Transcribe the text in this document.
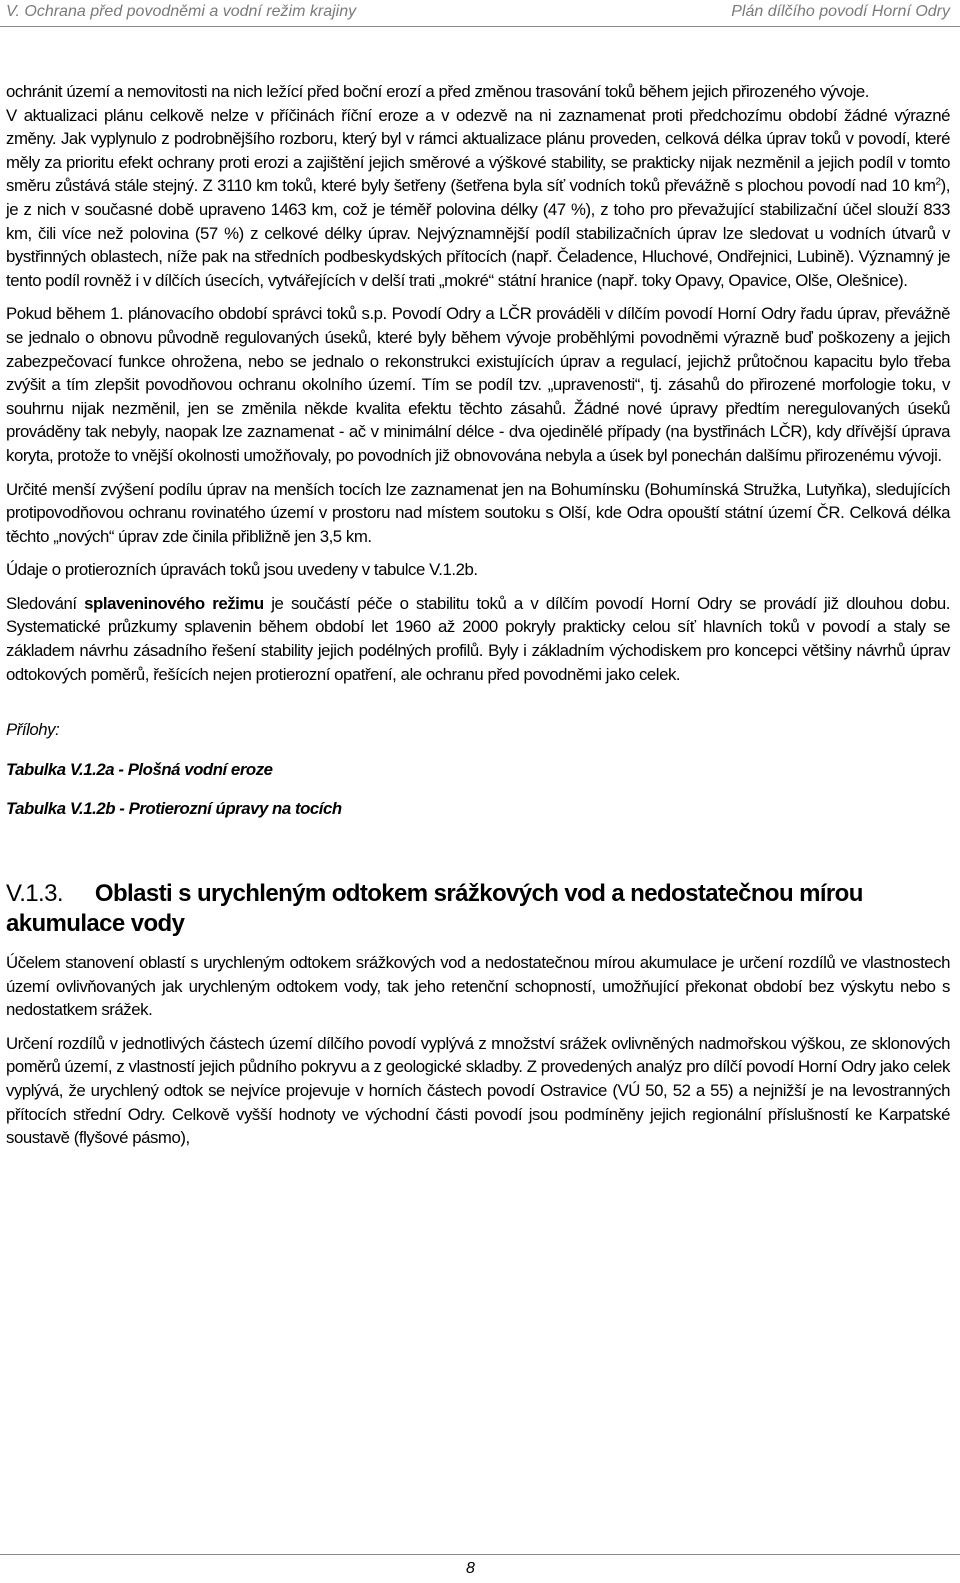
V. Ochrana před povodněmi a vodní režim krajiny	Plán dílčího povodí Horní Odry

ochránit území a nemovitosti na nich ležící před boční erozí a před změnou trasování toků během jejich přirozeného vývoje.

V aktualizaci plánu celkově nelze v příčinách říční eroze a v odezvě na ni zaznamenat proti předchozímu období žádné výrazné změny. Jak vyplynulo z podrobnějšího rozboru, který byl v rámci aktualizace plánu proveden, celková délka úprav toků v povodí, které měly za prioritu efekt ochrany proti erozi a zajištění jejich směrové a výškové stability, se prakticky nijak nezměnil a jejich podíl v tomto směru zůstává stále stejný. Z 3110 km toků, které byly šetřeny (šetřena byla síť vodních toků převážně s plochou povodí nad 10 $km^2$), je z nich v současné době upraveno 1463 km, což je téměř polovina délky (47 %), z toho pro převažující stabilizační účel slouží 833 km, čili více než polovina (57 %) z celkové délky úprav. Nejvýznamnější podíl stabilizačních úprav lze sledovat u vodních útvarů v bystřinných oblastech, níže pak na středních podbeskydských přítocích (např. Čeladence, Hluchové, Ondřejnici, Lubině). Významný je tento podíl rovněž i v dílčích úsecích, vytvářejících v delší trati „mokré“ státní hranice (např. toky Opavy, Opavice, Olše, Olešnice).

Pokud během 1. plánovacího období správci toků s.p. Povodí Odry a LČR prováděli v dílčím povodí Horní Odry řadu úprav, převážně se jednalo o obnovu původně regulovaných úseků, které byly během vývoje proběhlými povodněmi výrazně buď poškozeny a jejich zabezpečovací funkce ohrožena, nebo se jednalo o rekonstrukci existujících úprav a regulací, jejichž průtočnou kapacitu bylo třeba zvýšit a tím zlepšit povodňovou ochranu okolního území. Tím se podíl tzv. „upravenosti“, tj. zásahů do přirozené morfologie toku, v souhrnu nijak nezměnil, jen se změnila někde kvalita efektu těchto zásahů. Žádné nové úpravy předtím neregulovaných úseků prováděny tak nebyly, naopak lze zaznamenat - ač v minimální délce - dva ojedinělé případy (na bystřinách LČR), kdy dřívější úprava koryta, protože to vnější okolnosti umožňovaly, po povodních již obnovována nebyla a úsek byl ponechán dalšímu přirozenému vývoji.

Určité menší zvýšení podílu úprav na menších tocích lze zaznamenat jen na Bohumínsku (Bohumínská Stružka, Lutyňka), sledujících protipovodňovou ochranu rovinatého území v prostoru nad místem soutoku s Olší, kde Odra opouští státní území ČR. Celková délka těchto „nových“ úprav zde činila přibližně jen 3,5 km.

Údaje o protierozních úpravách toků jsou uvedeny v tabulce V.1.2b.

Sledování splaveninového režimu je součástí péče o stabilitu toků a v dílčím povodí Horní Odry se provádí již dlouhou dobu. Systematické průzkumy splavenin během období let 1960 až 2000 pokryly prakticky celou síť hlavních toků v povodí a staly se základem návrhu zásadního řešení stability jejich podélných profilů. Byly i základním východiskem pro koncepci většiny návrhů úprav odtokových poměrů, řešících nejen protierozní opatření, ale ochranu před povodněmi jako celek.

Přílohy:

Tabulka V.1.2a - Plošná vodní eroze

Tabulka V.1.2b - Protierozní úpravy na tocích

V.1.3. Oblasti s urychleným odtokem srážkových vod a nedostatečnou mírou akumulace vody

Účelem stanovení oblastí s urychleným odtokem srážkových vod a nedostatečnou mírou akumulace je určení rozdílů ve vlastnostech území ovlivňovaných jak urychleným odtokem vody, tak jeho retenční schopností, umožňující překonat období bez výskytu nebo s nedostatkem srážek.

Určení rozdílů v jednotlivých částech území dílčího povodí vyplývá z množství srážek ovlivněných nadmořskou výškou, ze sklonových poměrů území, z vlastností jejich půdního pokryvu a z geologické skladby. Z provedených analýz pro dílčí povodí Horní Odry jako celek vyplývá, že urychlený odtok se nejvíce projevuje v horních částech povodí Ostravice (VÚ 50, 52 a 55) a nejnižší je na levostranných přítocích střední Odry. Celkově vyšší hodnoty ve východní části povodí jsou podmíněny jejich regionální příslušností ke Karpatské soustavě (flyšové pásmo),

8
